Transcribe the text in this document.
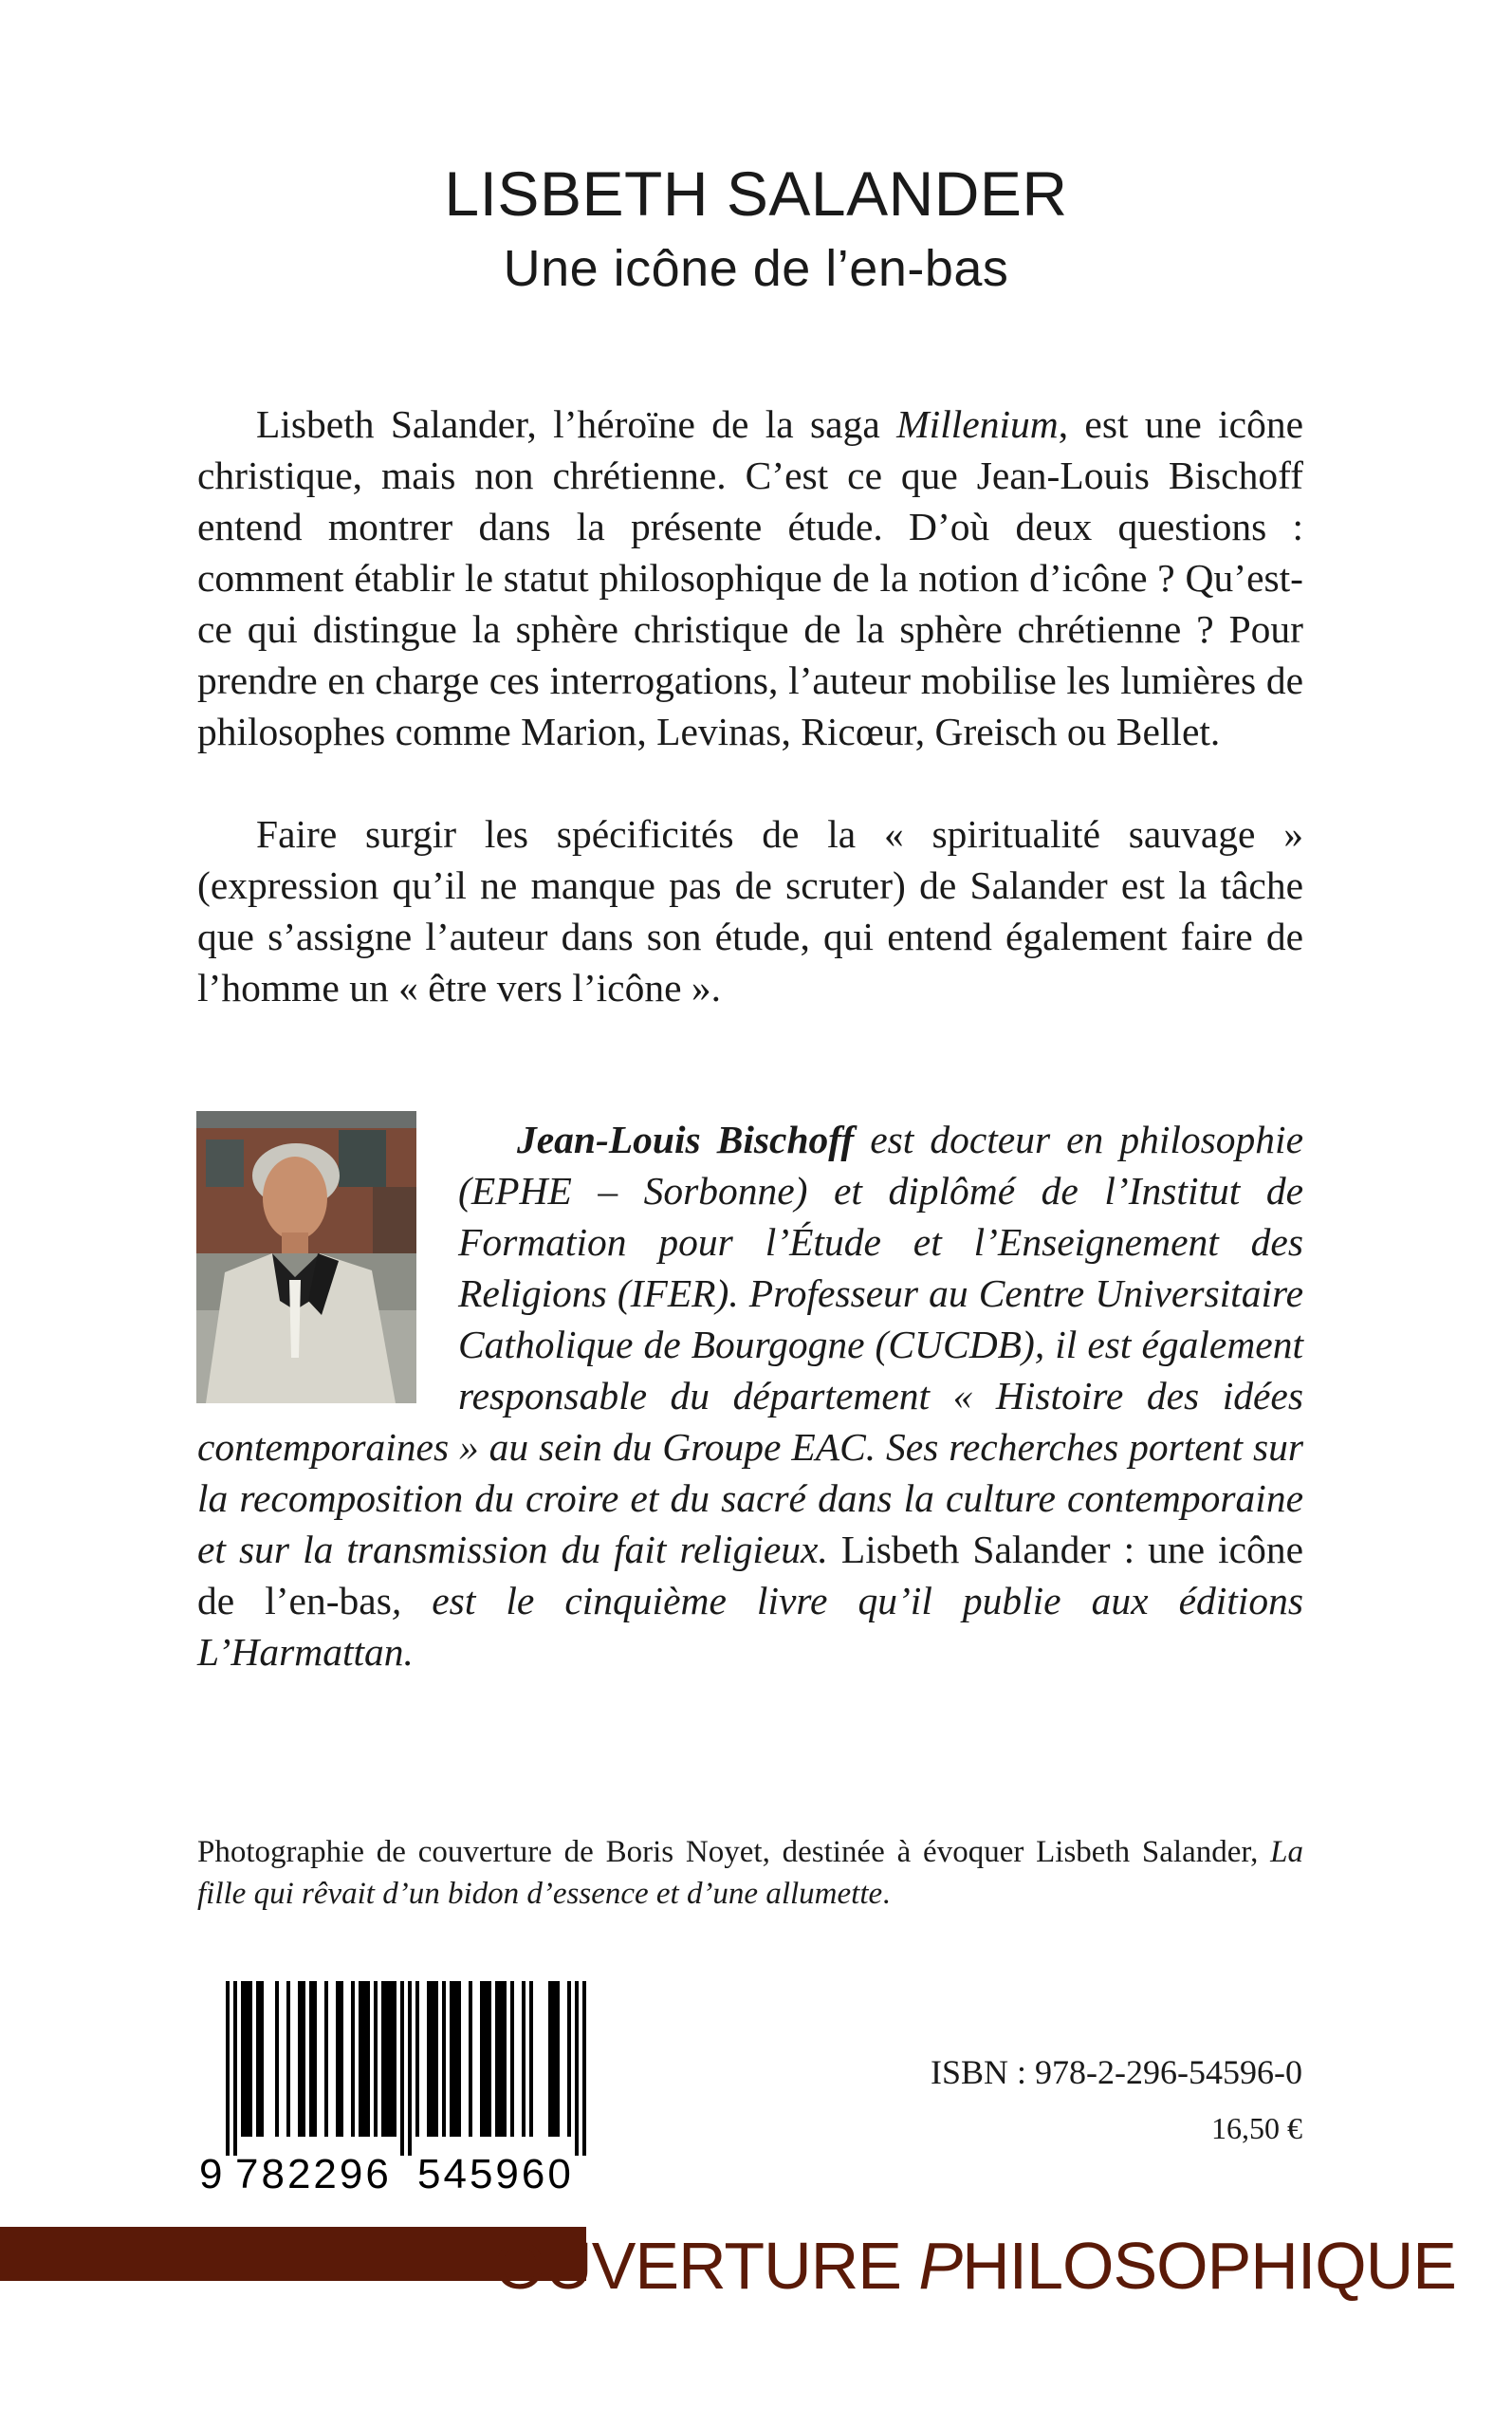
LISBETH SALANDER
Une icône de l’en-bas

Lisbeth Salander, l’héroïne de la saga Millenium, est une icône christique, mais non chrétienne. C’est ce que Jean-Louis Bischoff entend montrer dans la présente étude. D’où deux questions : comment établir le statut philosophique de la notion d’icône ? Qu’est-ce qui distingue la sphère christique de la sphère chrétienne ? Pour prendre en charge ces interrogations, l’auteur mobilise les lumières de philosophes comme Marion, Levinas, Ricœur, Greisch ou Bellet.

Faire surgir les spécificités de la « spiritualité sauvage » (expression qu’il ne manque pas de scruter) de Salander est la tâche que s’assigne l’auteur dans son étude, qui entend également faire de l’homme un « être vers l’icône ».

Jean-Louis Bischoff est docteur en philosophie (EPHE – Sorbonne) et diplômé de l’Institut de Formation pour l’Étude et l’Enseignement des Religions (IFER). Professeur au Centre Universitaire Catholique de Bourgogne (CUCDB), il est également responsable du département « Histoire des idées contemporaines » au sein du Groupe EAC. Ses recherches portent sur la recomposition du croire et du sacré dans la culture contemporaine et sur la transmission du fait religieux. Lisbeth Salander : une icône de l’en-bas, est le cinquième livre qu’il publie aux éditions L’Harmattan.

Photographie de couverture de Boris Noyet, destinée à évoquer Lisbeth Salander, La fille qui rêvait d’un bidon d’essence et d’une allumette.

9 782296 545960
ISBN : 978-2-296-54596-0
16,50 €
OUVERTURE PHILOSOPHIQUE
